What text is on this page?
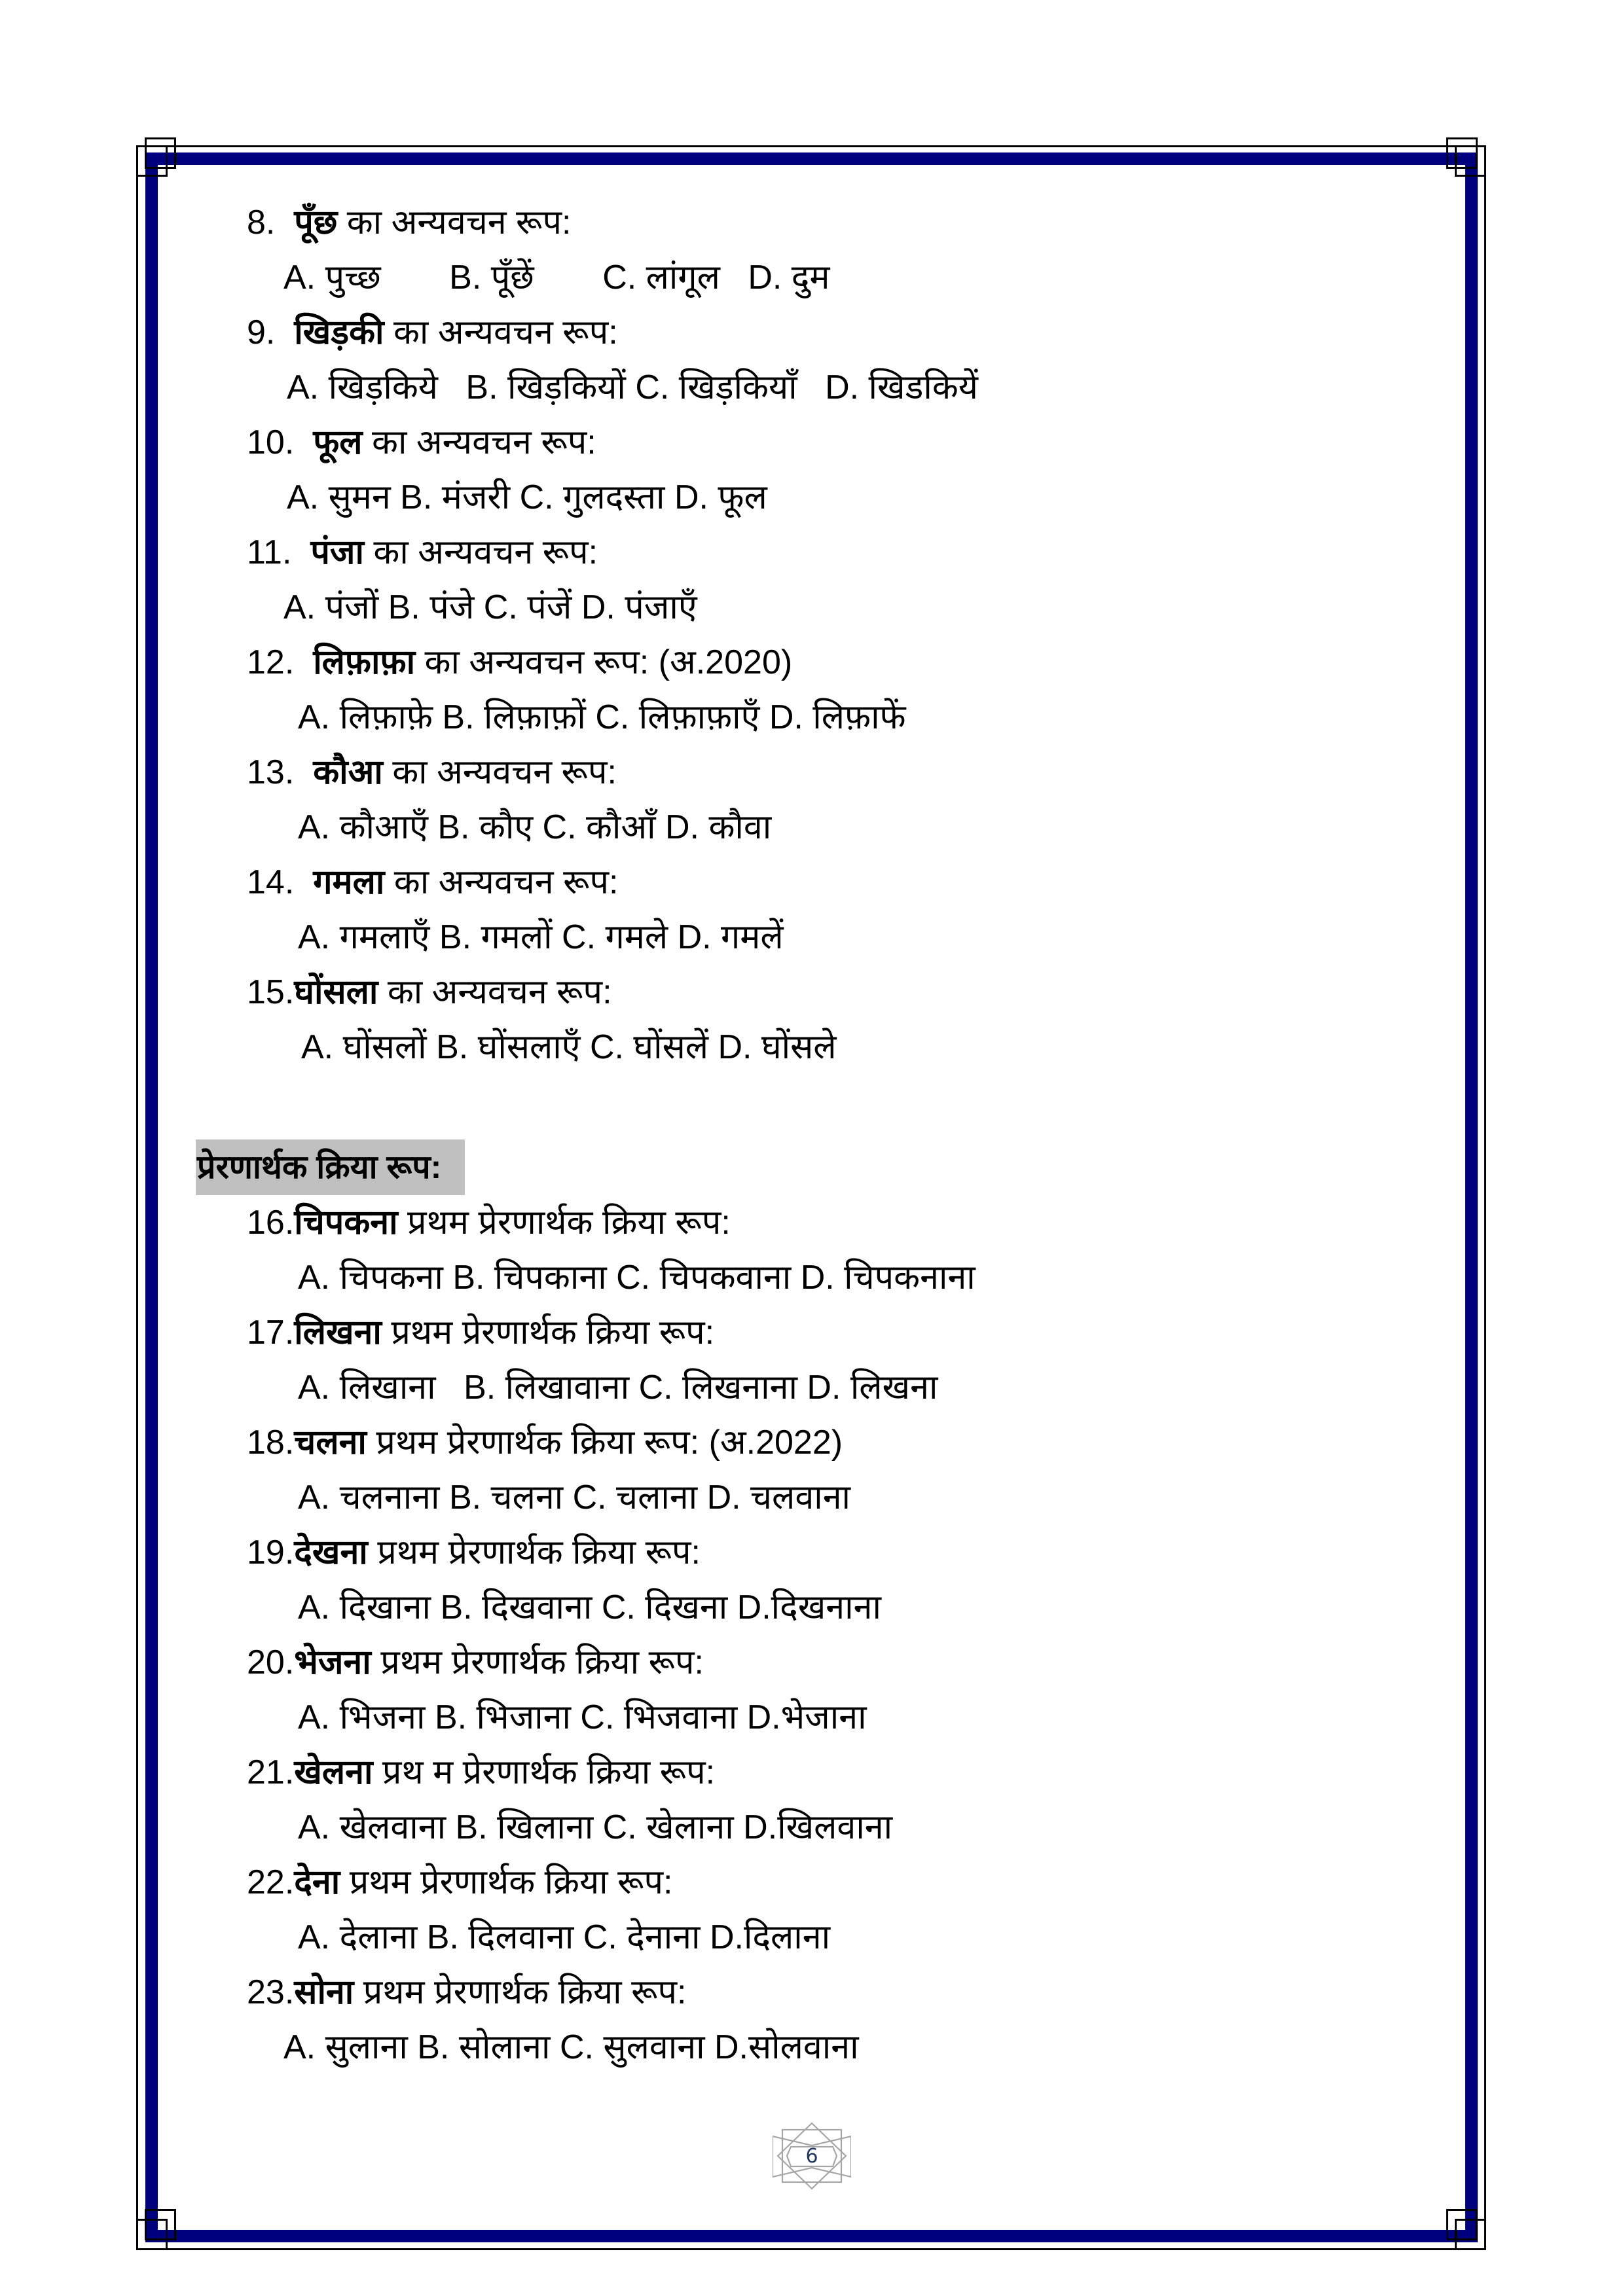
8. पूँछ का अन्यवचन रूप:
A. पुच्छ B. पूँछें C. लांगूल D. दुम
9. खिड़की का अन्यवचन रूप:
A. खिड़किये B. खिड़कियों C. खिड़कियाँ D. खिडकियें
10. फूल का अन्यवचन रूप:
A. सुमन B. मंजरी C. गुलदस्ता D. फूल
11. पंजा का अन्यवचन रूप:
A. पंजों B. पंजे C. पंजें D. पंजाएँ
12. लिफ़ाफ़ा का अन्यवचन रूप: (अ.2020)
A. लिफ़ाफ़े B. लिफ़ाफ़ों C. लिफ़ाफ़ाएँ D. लिफ़ाफें
13. कौआ का अन्यवचन रूप:
A. कौआएँ B. कौए C. कौआँ D. कौवा
14. गमला का अन्यवचन रूप:
A. गमलाएँ B. गमलों C. गमले D. गमलें
15.घोंसला का अन्यवचन रूप:
A. घोंसलों B. घोंसलाएँ C. घोंसलें D. घोंसले
प्रेरणार्थक क्रिया रूप:
16.चिपकना प्रथम प्रेरणार्थक क्रिया रूप:
A. चिपकना B. चिपकाना C. चिपकवाना D. चिपकनाना
17.लिखना प्रथम प्रेरणार्थक क्रिया रूप:
A. लिखाना B. लिखावाना C. लिखनाना D. लिखना
18.चलना प्रथम प्रेरणार्थक क्रिया रूप: (अ.2022)
A. चलनाना B. चलना C. चलाना D. चलवाना
19.देखना प्रथम प्रेरणार्थक क्रिया रूप:
A. दिखाना B. दिखवाना C. दिखना D.दिखनाना
20.भेजना प्रथम प्रेरणार्थक क्रिया रूप:
A. भिजना B. भिजाना C. भिजवाना D.भेजाना
21.खेलना प्रथ म प्रेरणार्थक क्रिया रूप:
A. खेलवाना B. खिलाना C. खेलाना D.खिलवाना
22.देना प्रथम प्रेरणार्थक क्रिया रूप:
A. देलाना B. दिलवाना C. देनाना D.दिलाना
23.सोना प्रथम प्रेरणार्थक क्रिया रूप:
A. सुलाना B. सोलाना C. सुलवाना D.सोलवाना
6
